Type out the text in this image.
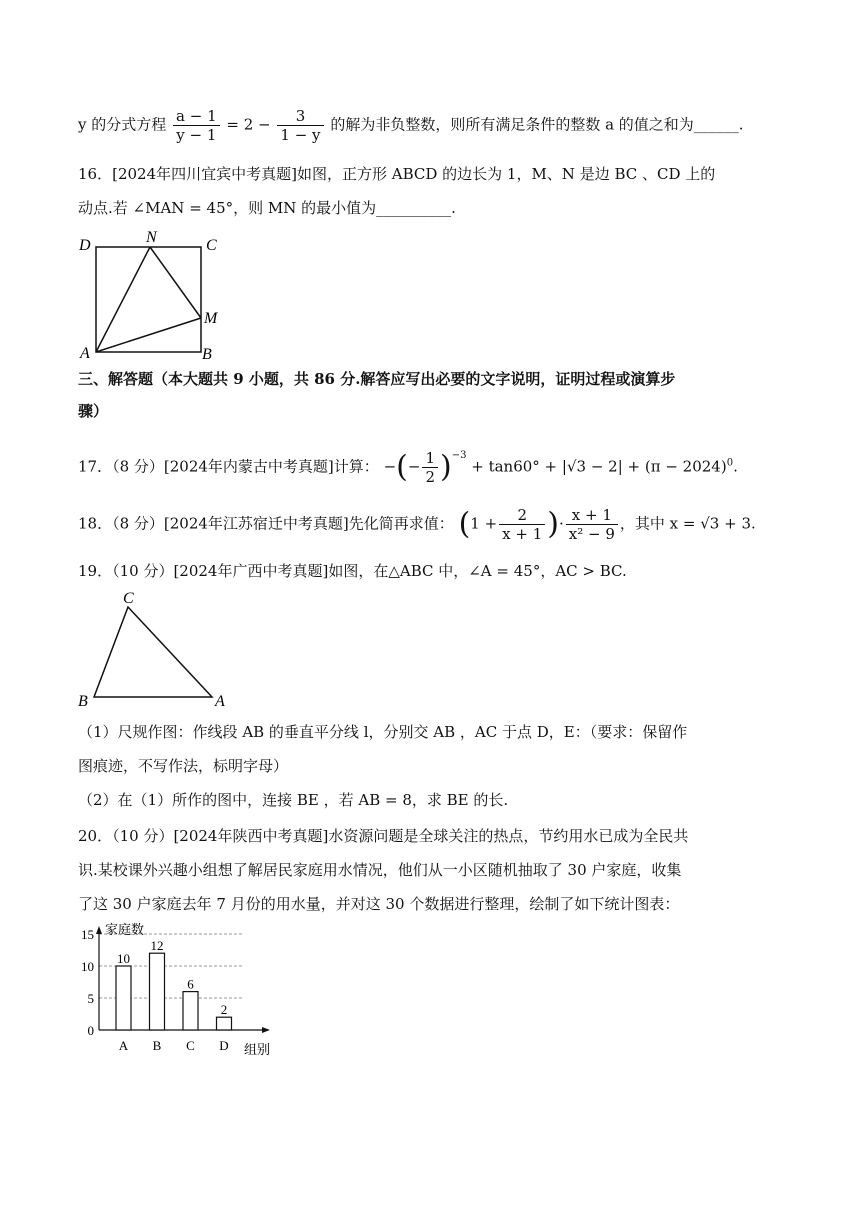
y 的分式方程 $\frac{a - 1}{y - 1} = 2 - \frac{3}{1 - y}$ 的解为非负整数，则所有满足条件的整数 a 的值之和为______.
16．[2024年四川宜宾中考真题]如图，正方形 ABCD 的边长为 1，M、N 是边 BC 、CD 上的
动点.若 ∠MAN = 45°，则 MN 的最小值为__________.
D	N	C
M
A	B
三、解答题（本大题共 9 小题，共 86 分.解答应写出必要的文字说明，证明过程或演算步
骤）
17．（8 分）[2024年内蒙古中考真题]计算： −(− $\frac{1}{2} )^{-3} + \tan 60^\circ + |√3 - 2| + (\pi - 2024)^0$.
18．（8 分）[2024年江苏宿迁中考真题]先化简再求值： ($1 + \frac{2}{x + 1}$ )· $\frac{x + 1}{\text{x² − 9}}$ ，其中 x = √3 + 3.
19．（10 分）[2024年广西中考真题]如图，在△ABC 中，∠A = 45°，AC > BC.
C
B	A
（1）尺规作图：作线段 AB 的垂直平分线 l，分别交 AB ，AC 于点 D，E：（要求：保留作
图痕迹，不写作法，标明字母）
（2）在（1）所作的图中，连接 BE ，若 AB = 8，求 BE 的长.
20．（10 分）[2024年陕西中考真题]水资源问题是全球关注的热点，节约用水已成为全民共
识.某校课外兴趣小组想了解居民家庭用水情况，他们从一小区随机抽取了 30 户家庭，收集
了这 30 户家庭去年 7 月份的用水量，并对这 30 个数据进行整理，绘制了如下统计图表：
0
5
10
15 家庭数
组别
10
A
12
B
6
C
2
D
